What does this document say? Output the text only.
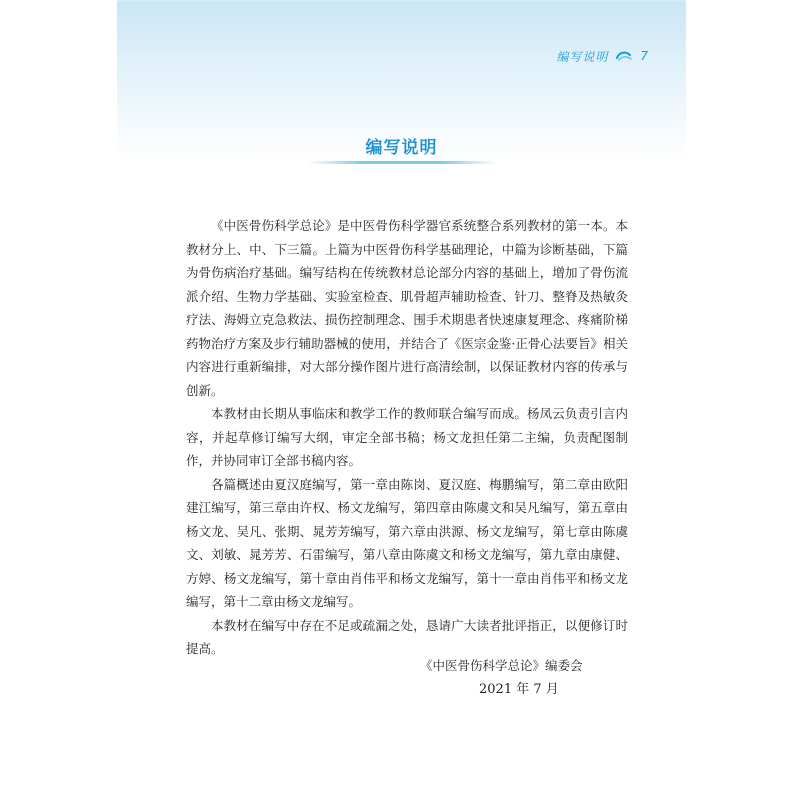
编写说明	7
编写说明

《中医骨伤科学总论》是中医骨伤科学器官系统整合系列教材的第一本。本教材分上、中、下三篇。上篇为中医骨伤科学基础理论，中篇为诊断基础，下篇为骨伤病治疗基础。编写结构在传统教材总论部分内容的基础上，增加了骨伤流派介绍、生物力学基础、实验室检查、肌骨超声辅助检查、针刀、整脊及热敏灸疗法、海姆立克急救法、损伤控制理念、围手术期患者快速康复理念、疼痛阶梯药物治疗方案及步行辅助器械的使用，并结合了《医宗金鉴·正骨心法要旨》相关内容进行重新编排，对大部分操作图片进行高清绘制，以保证教材内容的传承与创新。

本教材由长期从事临床和教学工作的教师联合编写而成。杨凤云负责引言内容，并起草修订编写大纲，审定全部书稿；杨文龙担任第二主编，负责配图制作，并协同审订全部书稿内容。

各篇概述由夏汉庭编写，第一章由陈岗、夏汉庭、梅鹏编写，第二章由欧阳建江编写，第三章由许权、杨文龙编写，第四章由陈虞文和吴凡编写，第五章由杨文龙、吴凡、张期、晁芳芳编写，第六章由洪源、杨文龙编写，第七章由陈虞文、刘敏、晁芳芳、石雷编写，第八章由陈虞文和杨文龙编写，第九章由康健、方婷、杨文龙编写，第十章由肖伟平和杨文龙编写，第十一章由肖伟平和杨文龙编写，第十二章由杨文龙编写。

本教材在编写中存在不足或疏漏之处，恳请广大读者批评指正，以便修订时提高。

《中医骨伤科学总论》编委会
2021 年 7 月
